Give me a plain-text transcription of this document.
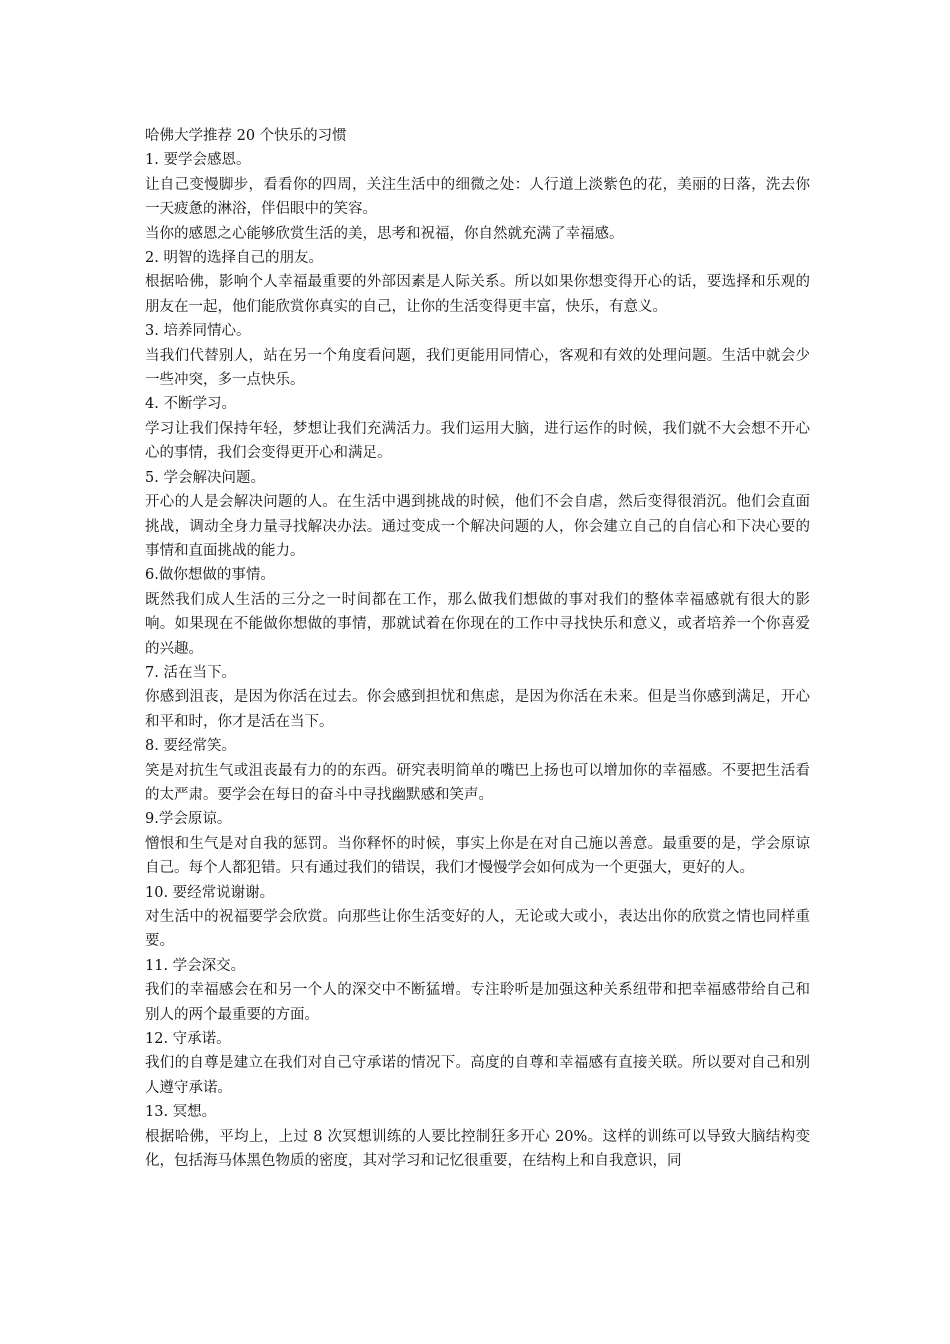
哈佛大学推荐 20 个快乐的习惯

1. 要学会感恩。

让自己变慢脚步，看看你的四周，关注生活中的细微之处：人行道上淡紫色的花，美丽的日落，洗去你一天疲惫的淋浴，伴侣眼中的笑容。

当你的感恩之心能够欣赏生活的美，思考和祝福，你自然就充满了幸福感。

2. 明智的选择自己的朋友。

根据哈佛，影响个人幸福最重要的外部因素是人际关系。所以如果你想变得开心的话，要选择和乐观的朋友在一起，他们能欣赏你真实的自己，让你的生活变得更丰富，快乐，有意义。

3. 培养同情心。

当我们代替别人，站在另一个角度看问题，我们更能用同情心，客观和有效的处理问题。生活中就会少一些冲突，多一点快乐。

4. 不断学习。

学习让我们保持年轻，梦想让我们充满活力。我们运用大脑，进行运作的时候，我们就不大会想不开心心的事情，我们会变得更开心和满足。

5. 学会解决问题。

开心的人是会解决问题的人。在生活中遇到挑战的时候，他们不会自虐，然后变得很消沉。他们会直面挑战，调动全身力量寻找解决办法。通过变成一个解决问题的人，你会建立自己的自信心和下决心要的事情和直面挑战的能力。

6.做你想做的事情。

既然我们成人生活的三分之一时间都在工作，那么做我们想做的事对我们的整体幸福感就有很大的影响。如果现在不能做你想做的事情，那就试着在你现在的工作中寻找快乐和意义，或者培养一个你喜爱的兴趣。

7. 活在当下。

你感到沮丧，是因为你活在过去。你会感到担忧和焦虑，是因为你活在未来。但是当你感到满足，开心和平和时，你才是活在当下。

8. 要经常笑。

笑是对抗生气或沮丧最有力的的东西。研究表明简单的嘴巴上扬也可以增加你的幸福感。不要把生活看的太严肃。要学会在每日的奋斗中寻找幽默感和笑声。

9.学会原谅。

憎恨和生气是对自我的惩罚。当你释怀的时候，事实上你是在对自己施以善意。最重要的是，学会原谅自己。每个人都犯错。只有通过我们的错误，我们才慢慢学会如何成为一个更强大，更好的人。

10. 要经常说谢谢。

对生活中的祝福要学会欣赏。向那些让你生活变好的人，无论或大或小，表达出你的欣赏之情也同样重要。

11. 学会深交。

我们的幸福感会在和另一个人的深交中不断猛增。专注聆听是加强这种关系纽带和把幸福感带给自己和别人的两个最重要的方面。

12. 守承诺。

我们的自尊是建立在我们对自己守承诺的情况下。高度的自尊和幸福感有直接关联。所以要对自己和别人遵守承诺。

13. 冥想。

根据哈佛，平均上，上过 8 次冥想训练的人要比控制狂多开心 20%。这样的训练可以导致大脑结构变化，包括海马体黑色物质的密度，其对学习和记忆很重要，在结构上和自我意识，同
